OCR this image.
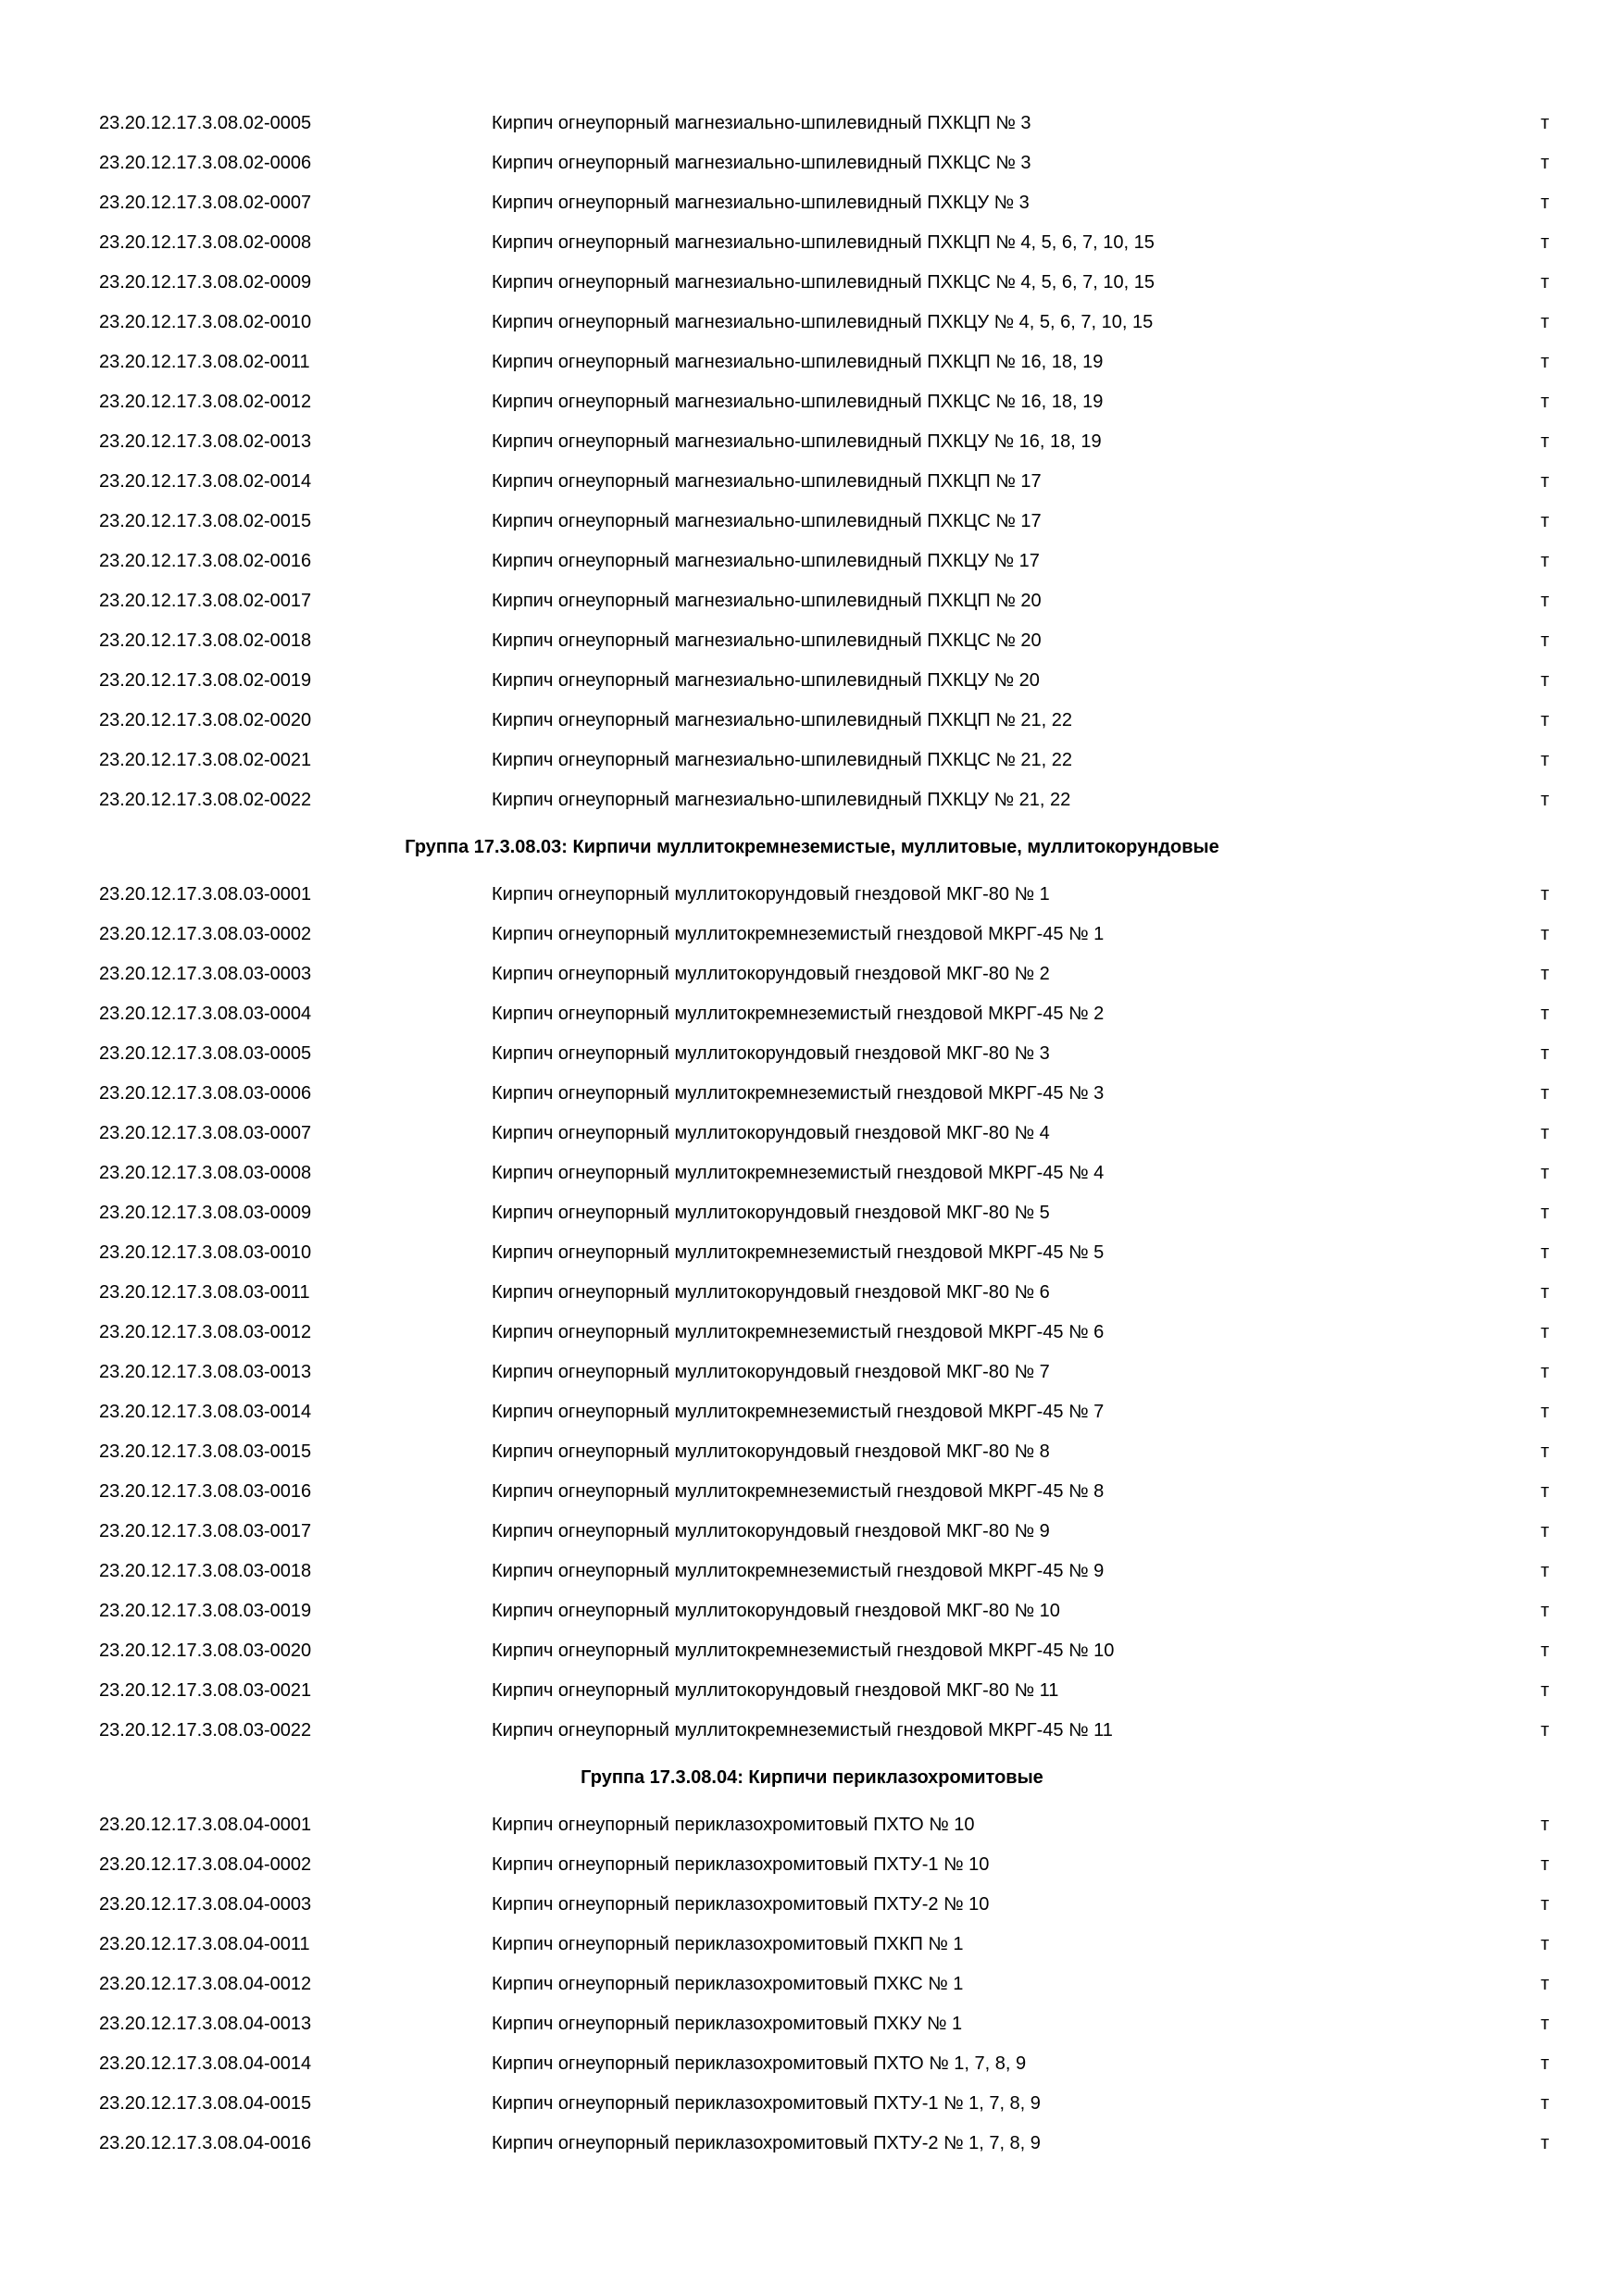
23.20.12.17.3.08.02-0005	Кирпич огнеупорный магнезиально-шпилевидный ПХКЦП № 3	т
23.20.12.17.3.08.02-0006	Кирпич огнеупорный магнезиально-шпилевидный ПХКЦС № 3	т
23.20.12.17.3.08.02-0007	Кирпич огнеупорный магнезиально-шпилевидный ПХКЦУ № 3	т
23.20.12.17.3.08.02-0008	Кирпич огнеупорный магнезиально-шпилевидный ПХКЦП № 4, 5, 6, 7, 10, 15	т
23.20.12.17.3.08.02-0009	Кирпич огнеупорный магнезиально-шпилевидный ПХКЦС № 4, 5, 6, 7, 10, 15	т
23.20.12.17.3.08.02-0010	Кирпич огнеупорный магнезиально-шпилевидный ПХКЦУ № 4, 5, 6, 7, 10, 15	т
23.20.12.17.3.08.02-0011	Кирпич огнеупорный магнезиально-шпилевидный ПХКЦП № 16, 18, 19	т
23.20.12.17.3.08.02-0012	Кирпич огнеупорный магнезиально-шпилевидный ПХКЦС № 16, 18, 19	т
23.20.12.17.3.08.02-0013	Кирпич огнеупорный магнезиально-шпилевидный ПХКЦУ № 16, 18, 19	т
23.20.12.17.3.08.02-0014	Кирпич огнеупорный магнезиально-шпилевидный ПХКЦП № 17	т
23.20.12.17.3.08.02-0015	Кирпич огнеупорный магнезиально-шпилевидный ПХКЦС № 17	т
23.20.12.17.3.08.02-0016	Кирпич огнеупорный магнезиально-шпилевидный ПХКЦУ № 17	т
23.20.12.17.3.08.02-0017	Кирпич огнеупорный магнезиально-шпилевидный ПХКЦП № 20	т
23.20.12.17.3.08.02-0018	Кирпич огнеупорный магнезиально-шпилевидный ПХКЦС № 20	т
23.20.12.17.3.08.02-0019	Кирпич огнеупорный магнезиально-шпилевидный ПХКЦУ № 20	т
23.20.12.17.3.08.02-0020	Кирпич огнеупорный магнезиально-шпилевидный ПХКЦП № 21, 22	т
23.20.12.17.3.08.02-0021	Кирпич огнеупорный магнезиально-шпилевидный ПХКЦС № 21, 22	т
23.20.12.17.3.08.02-0022	Кирпич огнеупорный магнезиально-шпилевидный ПХКЦУ № 21, 22	т
Группа 17.3.08.03: Кирпичи муллитокремнеземистые, муллитовые, муллитокорундовые
23.20.12.17.3.08.03-0001	Кирпич огнеупорный муллитокорундовый гнездовой МКГ-80 № 1	т
23.20.12.17.3.08.03-0002	Кирпич огнеупорный муллитокремнеземистый гнездовой МКРГ-45 № 1	т
23.20.12.17.3.08.03-0003	Кирпич огнеупорный муллитокорундовый гнездовой МКГ-80 № 2	т
23.20.12.17.3.08.03-0004	Кирпич огнеупорный муллитокремнеземистый гнездовой МКРГ-45 № 2	т
23.20.12.17.3.08.03-0005	Кирпич огнеупорный муллитокорундовый гнездовой МКГ-80 № 3	т
23.20.12.17.3.08.03-0006	Кирпич огнеупорный муллитокремнеземистый гнездовой МКРГ-45 № 3	т
23.20.12.17.3.08.03-0007	Кирпич огнеупорный муллитокорундовый гнездовой МКГ-80 № 4	т
23.20.12.17.3.08.03-0008	Кирпич огнеупорный муллитокремнеземистый гнездовой МКРГ-45 № 4	т
23.20.12.17.3.08.03-0009	Кирпич огнеупорный муллитокорундовый гнездовой МКГ-80 № 5	т
23.20.12.17.3.08.03-0010	Кирпич огнеупорный муллитокремнеземистый гнездовой МКРГ-45 № 5	т
23.20.12.17.3.08.03-0011	Кирпич огнеупорный муллитокорундовый гнездовой МКГ-80 № 6	т
23.20.12.17.3.08.03-0012	Кирпич огнеупорный муллитокремнеземистый гнездовой МКРГ-45 № 6	т
23.20.12.17.3.08.03-0013	Кирпич огнеупорный муллитокорундовый гнездовой МКГ-80 № 7	т
23.20.12.17.3.08.03-0014	Кирпич огнеупорный муллитокремнеземистый гнездовой МКРГ-45 № 7	т
23.20.12.17.3.08.03-0015	Кирпич огнеупорный муллитокорундовый гнездовой МКГ-80 № 8	т
23.20.12.17.3.08.03-0016	Кирпич огнеупорный муллитокремнеземистый гнездовой МКРГ-45 № 8	т
23.20.12.17.3.08.03-0017	Кирпич огнеупорный муллитокорундовый гнездовой МКГ-80 № 9	т
23.20.12.17.3.08.03-0018	Кирпич огнеупорный муллитокремнеземистый гнездовой МКРГ-45 № 9	т
23.20.12.17.3.08.03-0019	Кирпич огнеупорный муллитокорундовый гнездовой МКГ-80 № 10	т
23.20.12.17.3.08.03-0020	Кирпич огнеупорный муллитокремнеземистый гнездовой МКРГ-45 № 10	т
23.20.12.17.3.08.03-0021	Кирпич огнеупорный муллитокорундовый гнездовой МКГ-80 № 11	т
23.20.12.17.3.08.03-0022	Кирпич огнеупорный муллитокремнеземистый гнездовой МКРГ-45 № 11	т
Группа 17.3.08.04: Кирпичи периклазохромитовые
23.20.12.17.3.08.04-0001	Кирпич огнеупорный периклазохромитовый ПХТО № 10	т
23.20.12.17.3.08.04-0002	Кирпич огнеупорный периклазохромитовый ПХТУ-1 № 10	т
23.20.12.17.3.08.04-0003	Кирпич огнеупорный периклазохромитовый ПХТУ-2 № 10	т
23.20.12.17.3.08.04-0011	Кирпич огнеупорный периклазохромитовый ПХКП № 1	т
23.20.12.17.3.08.04-0012	Кирпич огнеупорный периклазохромитовый ПХКС № 1	т
23.20.12.17.3.08.04-0013	Кирпич огнеупорный периклазохромитовый ПХКУ № 1	т
23.20.12.17.3.08.04-0014	Кирпич огнеупорный периклазохромитовый ПХТО № 1, 7, 8, 9	т
23.20.12.17.3.08.04-0015	Кирпич огнеупорный периклазохромитовый ПХТУ-1 № 1, 7, 8, 9	т
23.20.12.17.3.08.04-0016	Кирпич огнеупорный периклазохромитовый ПХТУ-2 № 1, 7, 8, 9	т
